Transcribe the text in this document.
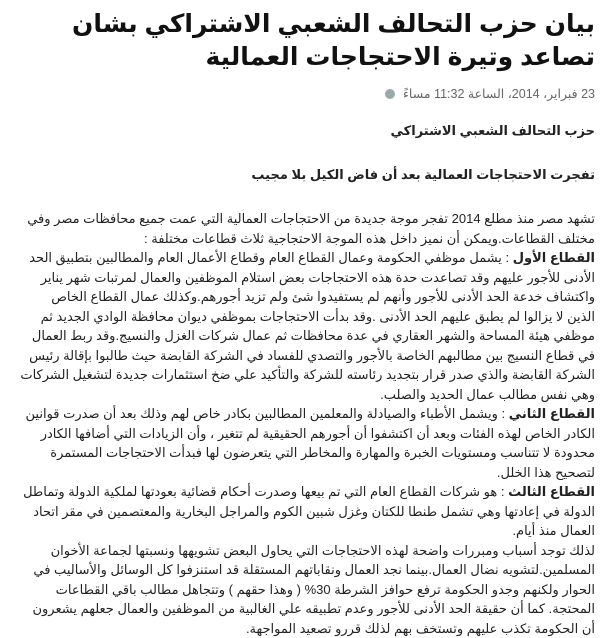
بيان حزب التحالف الشعبي الاشتراكي بشان تصاعد وتيرة الاحتجاجات العمالية
23 فبراير، 2014، الساعة 11:32 مساءً

حزب التحالف الشعبي الاشتراكي

تفجرت الاحتجاجات العمالية بعد أن فاض الكيل بلا مجيب

تشهد مصر منذ مطلع 2014 تفجر موجة جديدة من الاحتجاجات العمالية التي عمت جميع محافظات مصر وفي مختلف القطاعات.ويمكن أن نميز داخل هذه الموجة الاحتجاجية ثلاث قطاعات مختلفة :

القطاع الأول : يشمل موظفي الحكومة وعمال القطاع العام وقطاع الأعمال العام والمطالبين بتطبيق الحد الأدنى للأجور عليهم وقد تصاعدت حدة هذه الاحتجاجات بعض استلام الموظفين والعمال لمرتبات شهر يناير واكتشاف خدعة الحد الأدنى للأجور وأنهم لم يستفيدوا شئ ولم تزيد أجورهم.وكذلك عمال القطاع الخاص الذين لا يزالوا لم يطبق عليهم الحد الأدنى .وقد بدأت الاحتجاجات بموظفي ديوان محافظة الوادي الجديد ثم موظفي هيئة المساحة والشهر العقاري في عدة محافظات ثم عمال شركات الغزل والنسيج.وقد ربط العمال في قطاع النسيج بين مطالبهم الخاصة بالأجور والتصدي للفساد في الشركة القابضة حيث طالبوا بإقالة رئيس الشركة القابضة والذي صدر قرار بتجديد رئاسته للشركة والتأكيد علي ضخ استثمارات جديدة لتشغيل الشركات وهي نفس مطالب عمال الحديد والصلب.

القطاع الثاني : ويشمل الأطباء والصيادلة والمعلمين المطالبين بكادر خاص لهم وذلك بعد أن صدرت قوانين الكادر الخاص لهذه الفئات وبعد أن اكتشفوا أن أجورهم الحقيقية لم تتغير ، وأن الزيادات التي أضافها الكادر محدودة لا تتناسب ومستويات الخبرة والمهارة والمخاطر التي يتعرضون لها فبدأت الاحتجاجات المستمرة لتصحيح هذا الخلل.

القطاع الثالث : هو شركات القطاع العام التي تم بيعها وصدرت أحكام قضائية بعودتها لملكية الدولة وتماطل الدولة في إعادتها وهي تشمل طنطا للكتان وغزل شبين الكوم والمراجل البخارية والمعتصمين في مقر اتحاد العمال منذ أيام.

لذلك توجد أسباب ومبررات واضحة لهذه الاحتجاجات التي يحاول البعض تشويهها ونسبتها لجماعة الأخوان المسلمين.لتشويه نضال العمال.بينما نجد العمال ونقاباتهم المستقلة قد استنزفوا كل الوسائل والأساليب في الحوار ولكنهم وجدو الحكومة ترفع حوافز الشرطة 30% ( وهذا حقهم ) وتتجاهل مطالب باقي القطاعات المحتجة. كما أن حقيقة الحد الأدنى للأجور وعدم تطبيقه علي الغالبية من الموظفين والعمال جعلهم يشعرون أن الحكومة تكذب عليهم وتستخف بهم لذلك قررو تصعيد المواجهة.
